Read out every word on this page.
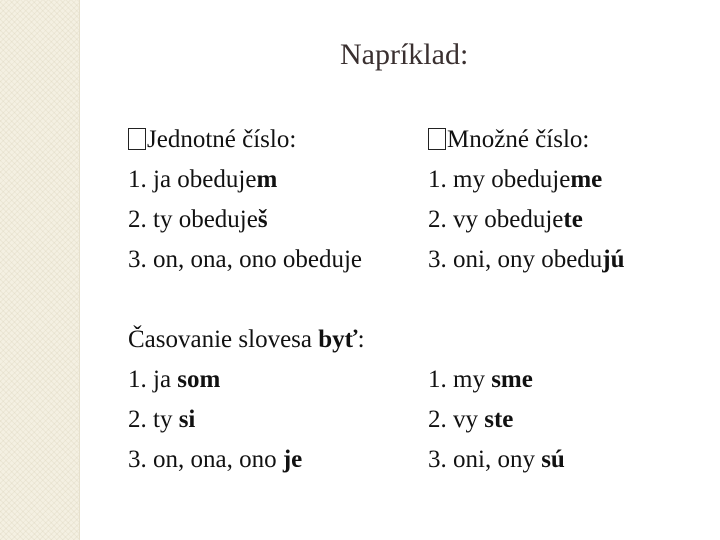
Napríklad:
Jednotné číslo:
1. ja obedujem
2. ty obeduješ
3. on, ona, ono obeduje
Množné číslo:
1. my obedujeme
2. vy obedujete
3. oni, ony obedujú
Časovanie slovesa byť:
1. ja som
2. ty si
3. on, ona, ono je
1. my sme
2. vy ste
3. oni, ony sú
